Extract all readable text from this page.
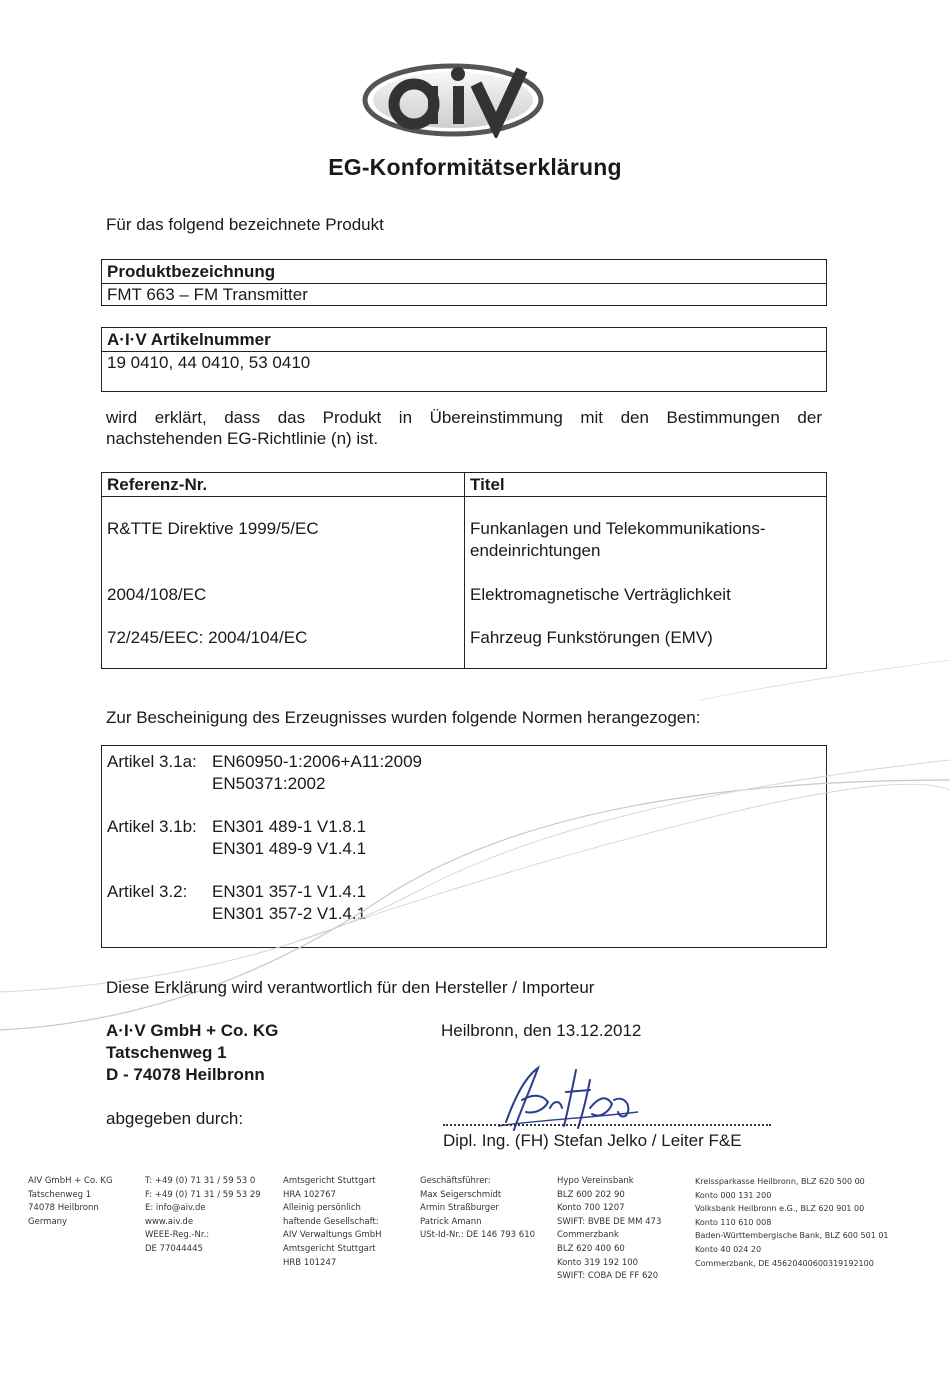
EG-Konformitätserklärung
Für das folgend bezeichnete Produkt
Produktbezeichnung
FMT 663 – FM Transmitter
A·I·V Artikelnummer
19 0410, 44 0410, 53 0410
wird erklärt, dass das Produkt in Übereinstimmung mit den Bestimmungen der
nachstehenden EG-Richtlinie (n) ist.
Referenz-Nr.
R&TTE Direktive 1999/5/EC
2004/108/EC
72/245/EEC: 2004/104/EC
Titel
Funkanlagen und Telekommunikations-
endeinrichtungen
Elektromagnetische Verträglichkeit
Fahrzeug Funkstörungen (EMV)
Zur Bescheinigung des Erzeugnisses wurden folgende Normen herangezogen:
Artikel 3.1a: EN60950-1:2006+A11:2009
EN50371:2002
Artikel 3.1b: EN301 489-1 V1.8.1
EN301 489-9 V1.4.1
Artikel 3.2: EN301 357-1 V1.4.1
EN301 357-2 V1.4.1
Diese Erklärung wird verantwortlich für den Hersteller / Importeur
A·I·V GmbH + Co. KG
Tatschenweg 1
D - 74078 Heilbronn
Heilbronn, den 13.12.2012
abgegeben durch:
Dipl. Ing. (FH) Stefan Jelko / Leiter F&E
AIV GmbH + Co. KG
Tatschenweg 1
74078 Heilbronn
Germany
T: +49 (0) 71 31 / 59 53 0
F: +49 (0) 71 31 / 59 53 29
E: info@aiv.de
www.aiv.de
WEEE-Reg.-Nr.:
DE 77044445
Amtsgericht Stuttgart
HRA 102767
Alleinig persönlich
haftende Gesellschaft:
AIV Verwaltungs GmbH
Amtsgericht Stuttgart
HRB 101247
Geschäftsführer:
Max Seigerschmidt
Armin Straßburger
Patrick Amann
USt-Id-Nr.: DE 146 793 610
Hypo Vereinsbank
BLZ 600 202 90
Konto 700 1207
SWIFT: BVBE DE MM 473
Commerzbank
BLZ 620 400 60
Konto 319 192 100
SWIFT: COBA DE FF 620
Kreissparkasse Heilbronn, BLZ 620 500 00
Konto 000 131 200
Volksbank Heilbronn e.G., BLZ 620 901 00
Konto 110 610 008
Baden-Württembergische Bank, BLZ 600 501 01
Konto 40 024 20
Commerzbank, DE 45620400600319192100
